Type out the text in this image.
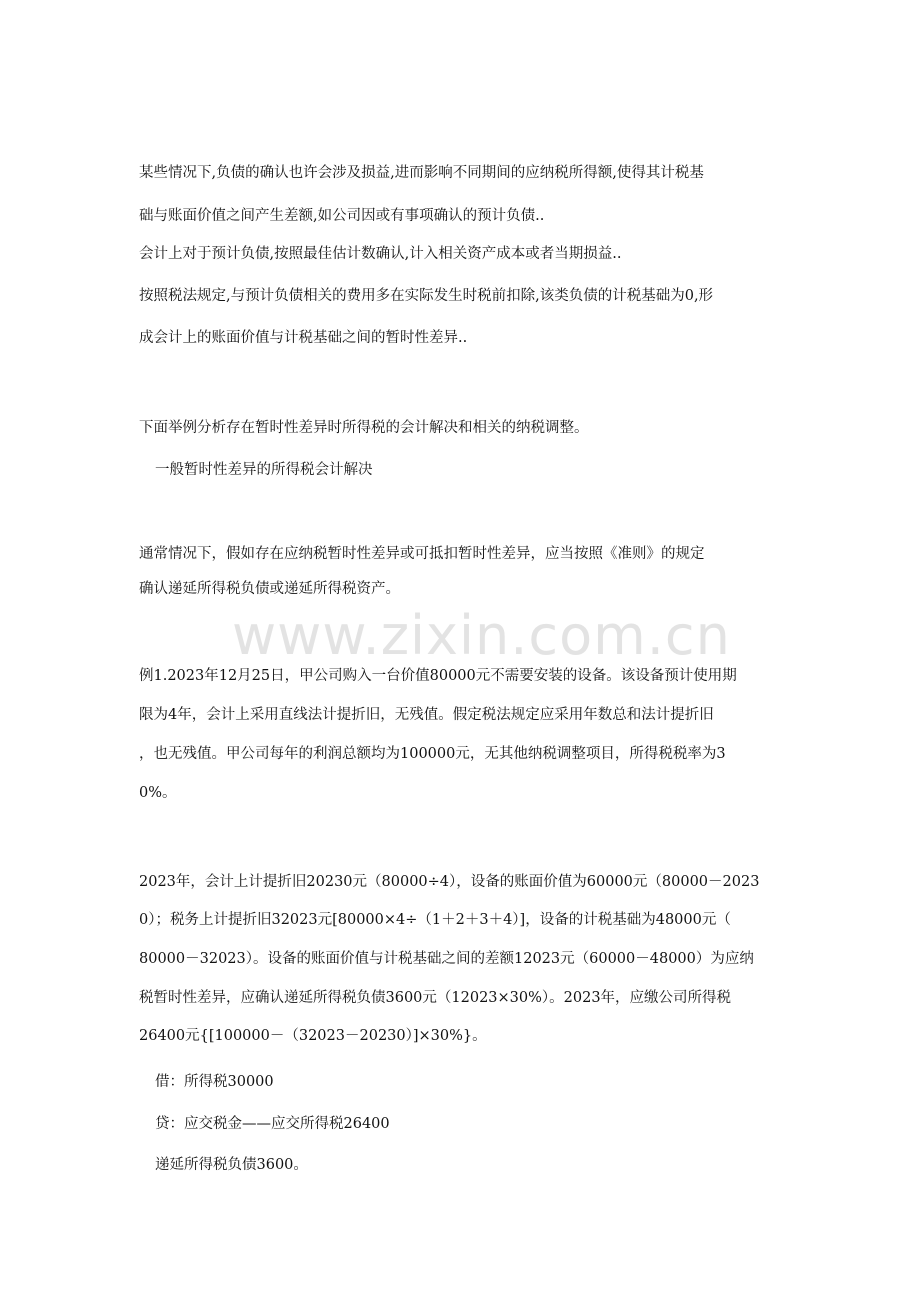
www.zixin.com.cn
某些情况下,负债的确认也许会涉及损益,进而影响不同期间的应纳税所得额,使得其计税基
础与账面价值之间产生差额,如公司因或有事项确认的预计负债..
会计上对于预计负债,按照最佳估计数确认,计入相关资产成本或者当期损益..
按照税法规定,与预计负债相关的费用多在实际发生时税前扣除,该类负债的计税基础为0,形
成会计上的账面价值与计税基础之间的暂时性差异..
下面举例分析存在暂时性差异时所得税的会计解决和相关的纳税调整。
一般暂时性差异的所得税会计解决
通常情况下，假如存在应纳税暂时性差异或可抵扣暂时性差异，应当按照《准则》的规定
确认递延所得税负债或递延所得税资产。
例1.2023年12月25日，甲公司购入一台价值80000元不需要安装的设备。该设备预计使用期
限为4年，会计上采用直线法计提折旧，无残值。假定税法规定应采用年数总和法计提折旧
，也无残值。甲公司每年的利润总额均为100000元，无其他纳税调整项目，所得税税率为3
0%。
2023年，会计上计提折旧20230元（80000÷4），设备的账面价值为60000元（80000－2023
0）；税务上计提折旧32023元[80000×4÷（1＋2＋3＋4）]，设备的计税基础为48000元（
80000－32023）。设备的账面价值与计税基础之间的差额12023元（60000－48000）为应纳
税暂时性差异，应确认递延所得税负债3600元（12023×30%）。2023年，应缴公司所得税
26400元{[100000－（32023－20230）]×30%}。
借：所得税30000
贷：应交税金——应交所得税26400
递延所得税负债3600。
